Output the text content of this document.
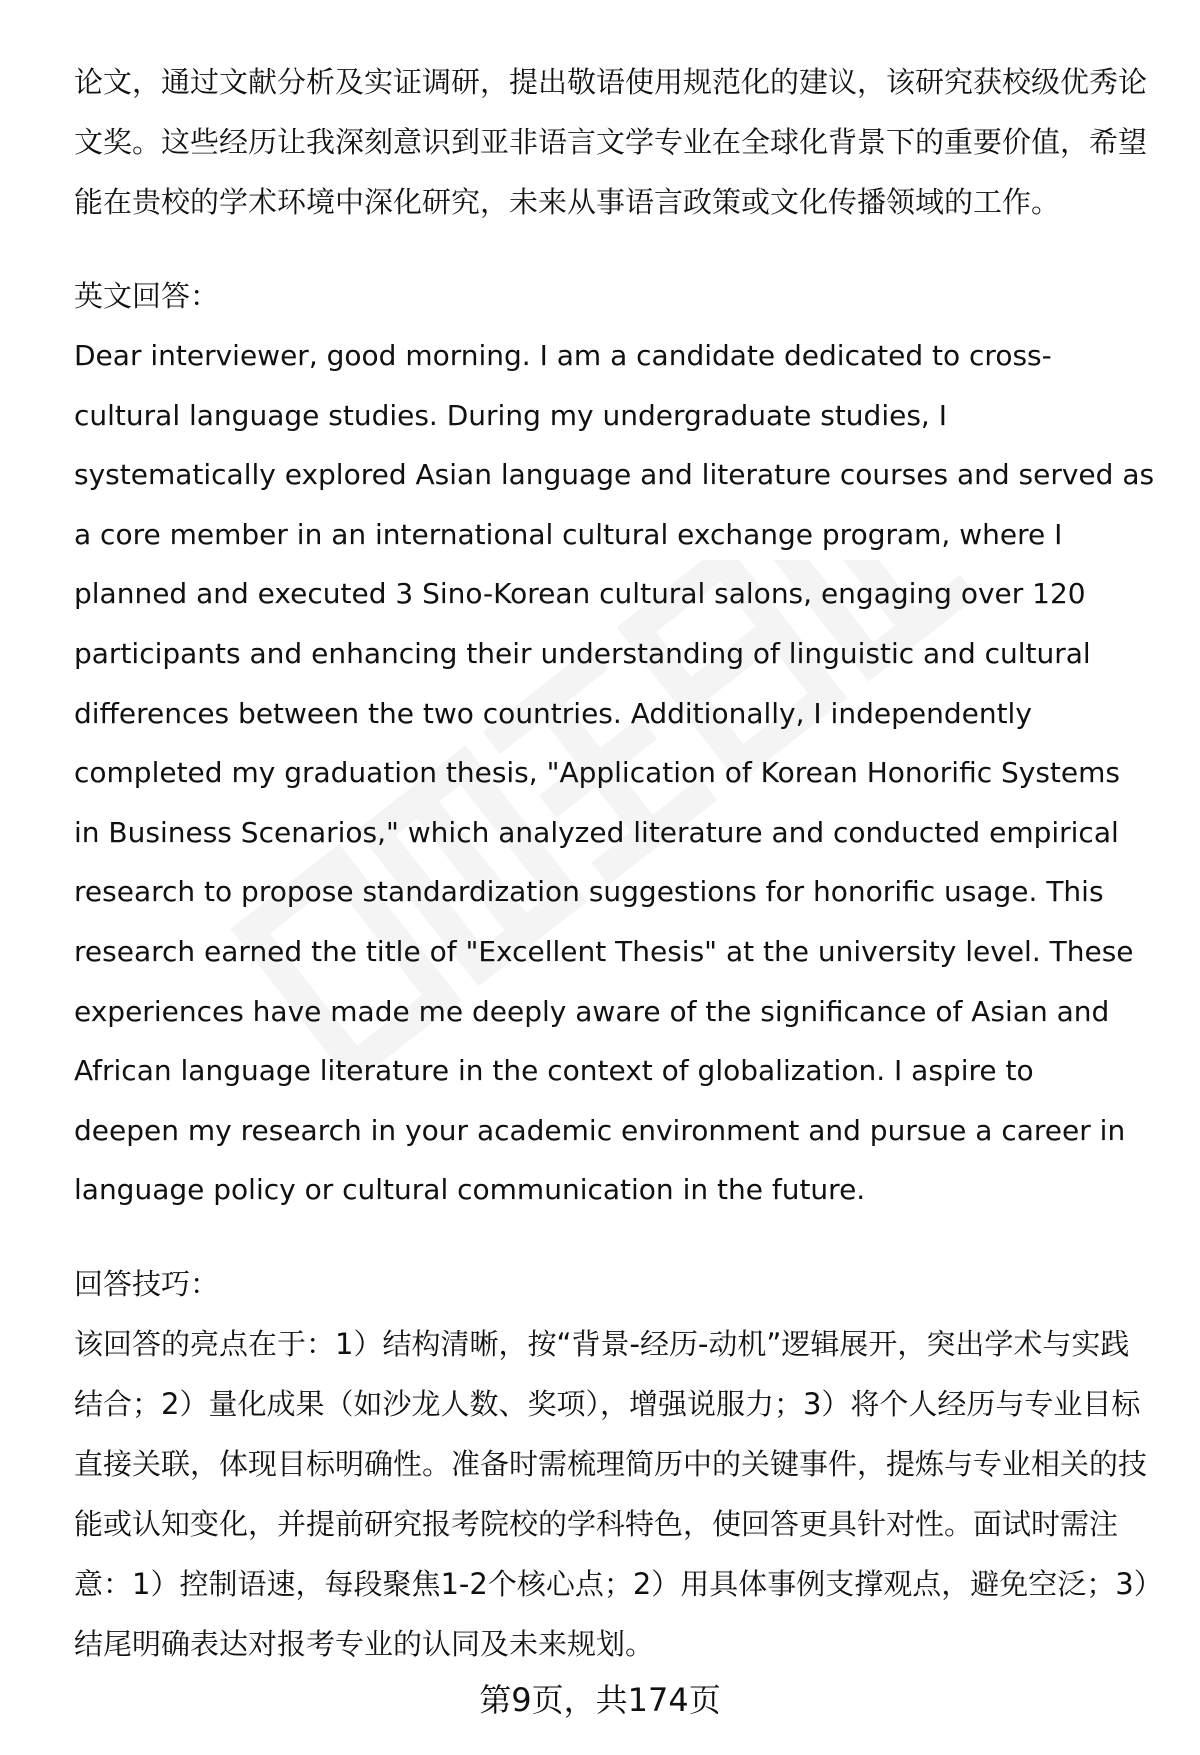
论文，通过文献分析及实证调研，提出敬语使用规范化的建议，该研究获校级优秀论文奖。这些经历让我深刻意识到亚非语言文学专业在全球化背景下的重要价值，希望能在贵校的学术环境中深化研究，未来从事语言政策或文化传播领域的工作。

英文回答：

Dear interviewer, good morning. I am a candidate dedicated to cross-
cultural language studies. During my undergraduate studies, I
systematically explored Asian language and literature courses and served as
a core member in an international cultural exchange program, where I
planned and executed 3 Sino-Korean cultural salons, engaging over 120
participants and enhancing their understanding of linguistic and cultural
differences between the two countries. Additionally, I independently
completed my graduation thesis, "Application of Korean Honorific Systems
in Business Scenarios," which analyzed literature and conducted empirical
research to propose standardization suggestions for honorific usage. This
research earned the title of "Excellent Thesis" at the university level. These
experiences have made me deeply aware of the significance of Asian and
African language literature in the context of globalization. I aspire to
deepen my research in your academic environment and pursue a career in
language policy or cultural communication in the future.

回答技巧：

该回答的亮点在于：1）结构清晰，按“背景-经历-动机”逻辑展开，突出学术与实践结合；2）量化成果（如沙龙人数、奖项），增强说服力；3）将个人经历与专业目标直接关联，体现目标明确性。准备时需梳理简历中的关键事件，提炼与专业相关的技能或认知变化，并提前研究报考院校的学科特色，使回答更具针对性。面试时需注意：1）控制语速，每段聚焦1-2个核心点；2）用具体事例支撑观点，避免空泛；3）结尾明确表达对报考专业的认同及未来规划。

第9页，共174页
